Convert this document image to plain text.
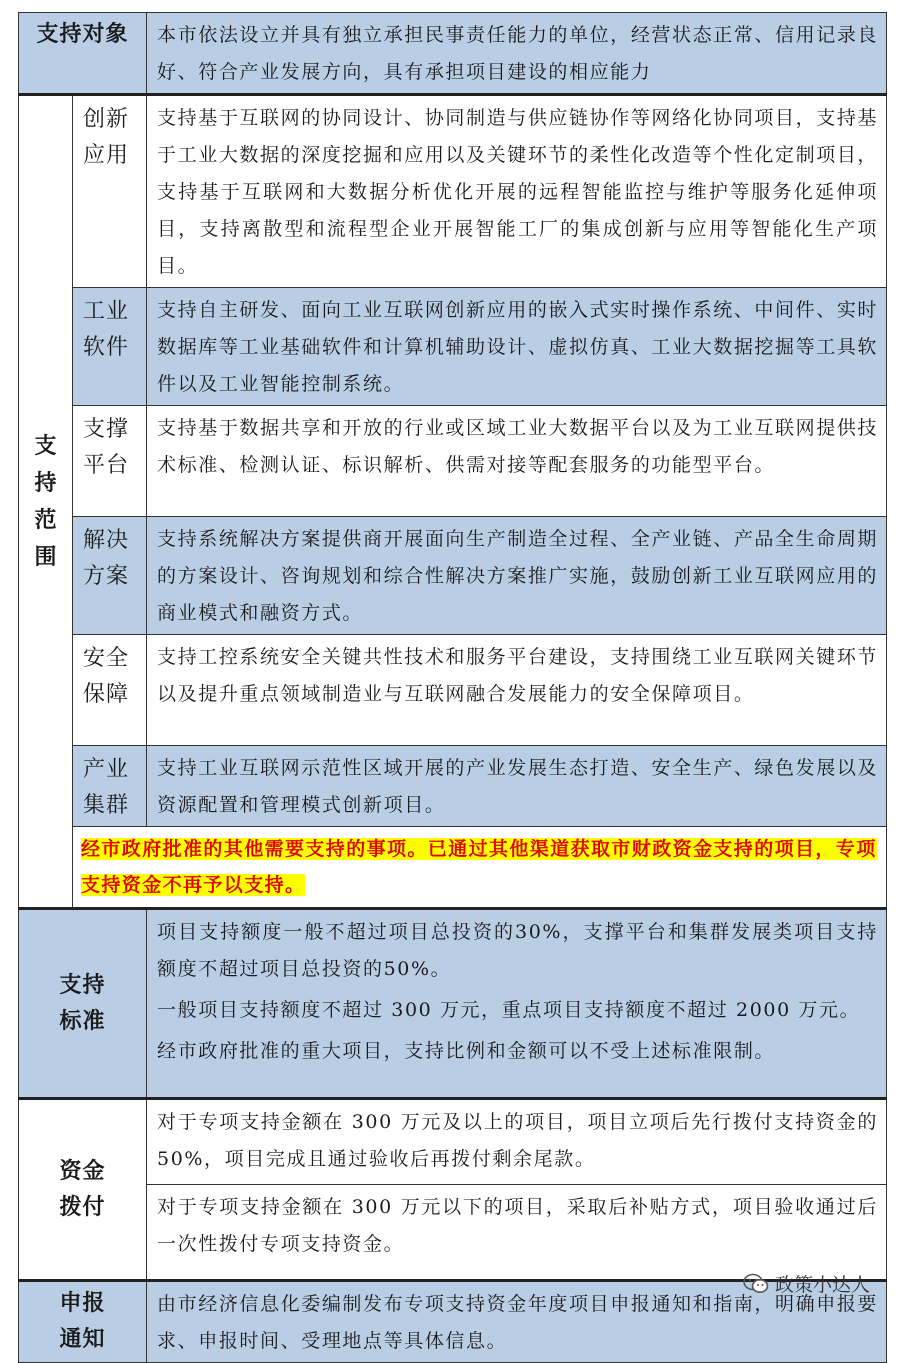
支持对象		本市依法设立并具有独立承担民事责任能力的单位，经营状态正常、信用记录良好、符合产业发展方向，具有承担项目建设的相应能力

支
持
范
围	创新应用	支持基于互联网的协同设计、协同制造与供应链协作等网络化协同项目，支持基于工业大数据的深度挖掘和应用以及关键环节的柔性化改造等个性化定制项目，支持基于互联网和大数据分析优化开展的远程智能监控与维护等服务化延伸项目，支持离散型和流程型企业开展智能工厂的集成创新与应用等智能化生产项目。

	工业软件	支持自主研发、面向工业互联网创新应用的嵌入式实时操作系统、中间件、实时数据库等工业基础软件和计算机辅助设计、虚拟仿真、工业大数据挖掘等工具软件以及工业智能控制系统。

	支撑平台	支持基于数据共享和开放的行业或区域工业大数据平台以及为工业互联网提供技术标准、检测认证、标识解析、供需对接等配套服务的功能型平台。

	解决方案	支持系统解决方案提供商开展面向生产制造全过程、全产业链、产品全生命周期的方案设计、咨询规划和综合性解决方案推广实施，鼓励创新工业互联网应用的商业模式和融资方式。

	安全保障	支持工控系统安全关键共性技术和服务平台建设，支持围绕工业互联网关键环节以及提升重点领域制造业与互联网融合发展能力的安全保障项目。

	产业集群	支持工业互联网示范性区域开展的产业发展生态打造、安全生产、绿色发展以及资源配置和管理模式创新项目。
	经市政府批准的其他需要支持的事项。已通过其他渠道获取市财政资金支持的项目，专项支持资金不再予以支持。	

支持标准		项目支持额度一般不超过项目总投资的30%，支撑平台和集群发展类项目支持额度不超过项目总投资的50%。

一般项目支持额度不超过 300 万元，重点项目支持额度不超过 2000 万元。

经市政府批准的重大项目，支持比例和金额可以不受上述标准限制。

资金拨付		对于专项支持金额在 300 万元及以上的项目，项目立项后先行拨付支持资金的50%，项目完成且通过验收后再拨付剩余尾款。
		对于专项支持金额在 300 万元以下的项目，采取后补贴方式，项目验收通过后一次性拨付专项支持资金。

申报通知		由市经济信息化委编制发布专项支持资金年度项目申报通知和指南，明确申报要求、申报时间、受理地点等具体信息。
政策小达人
